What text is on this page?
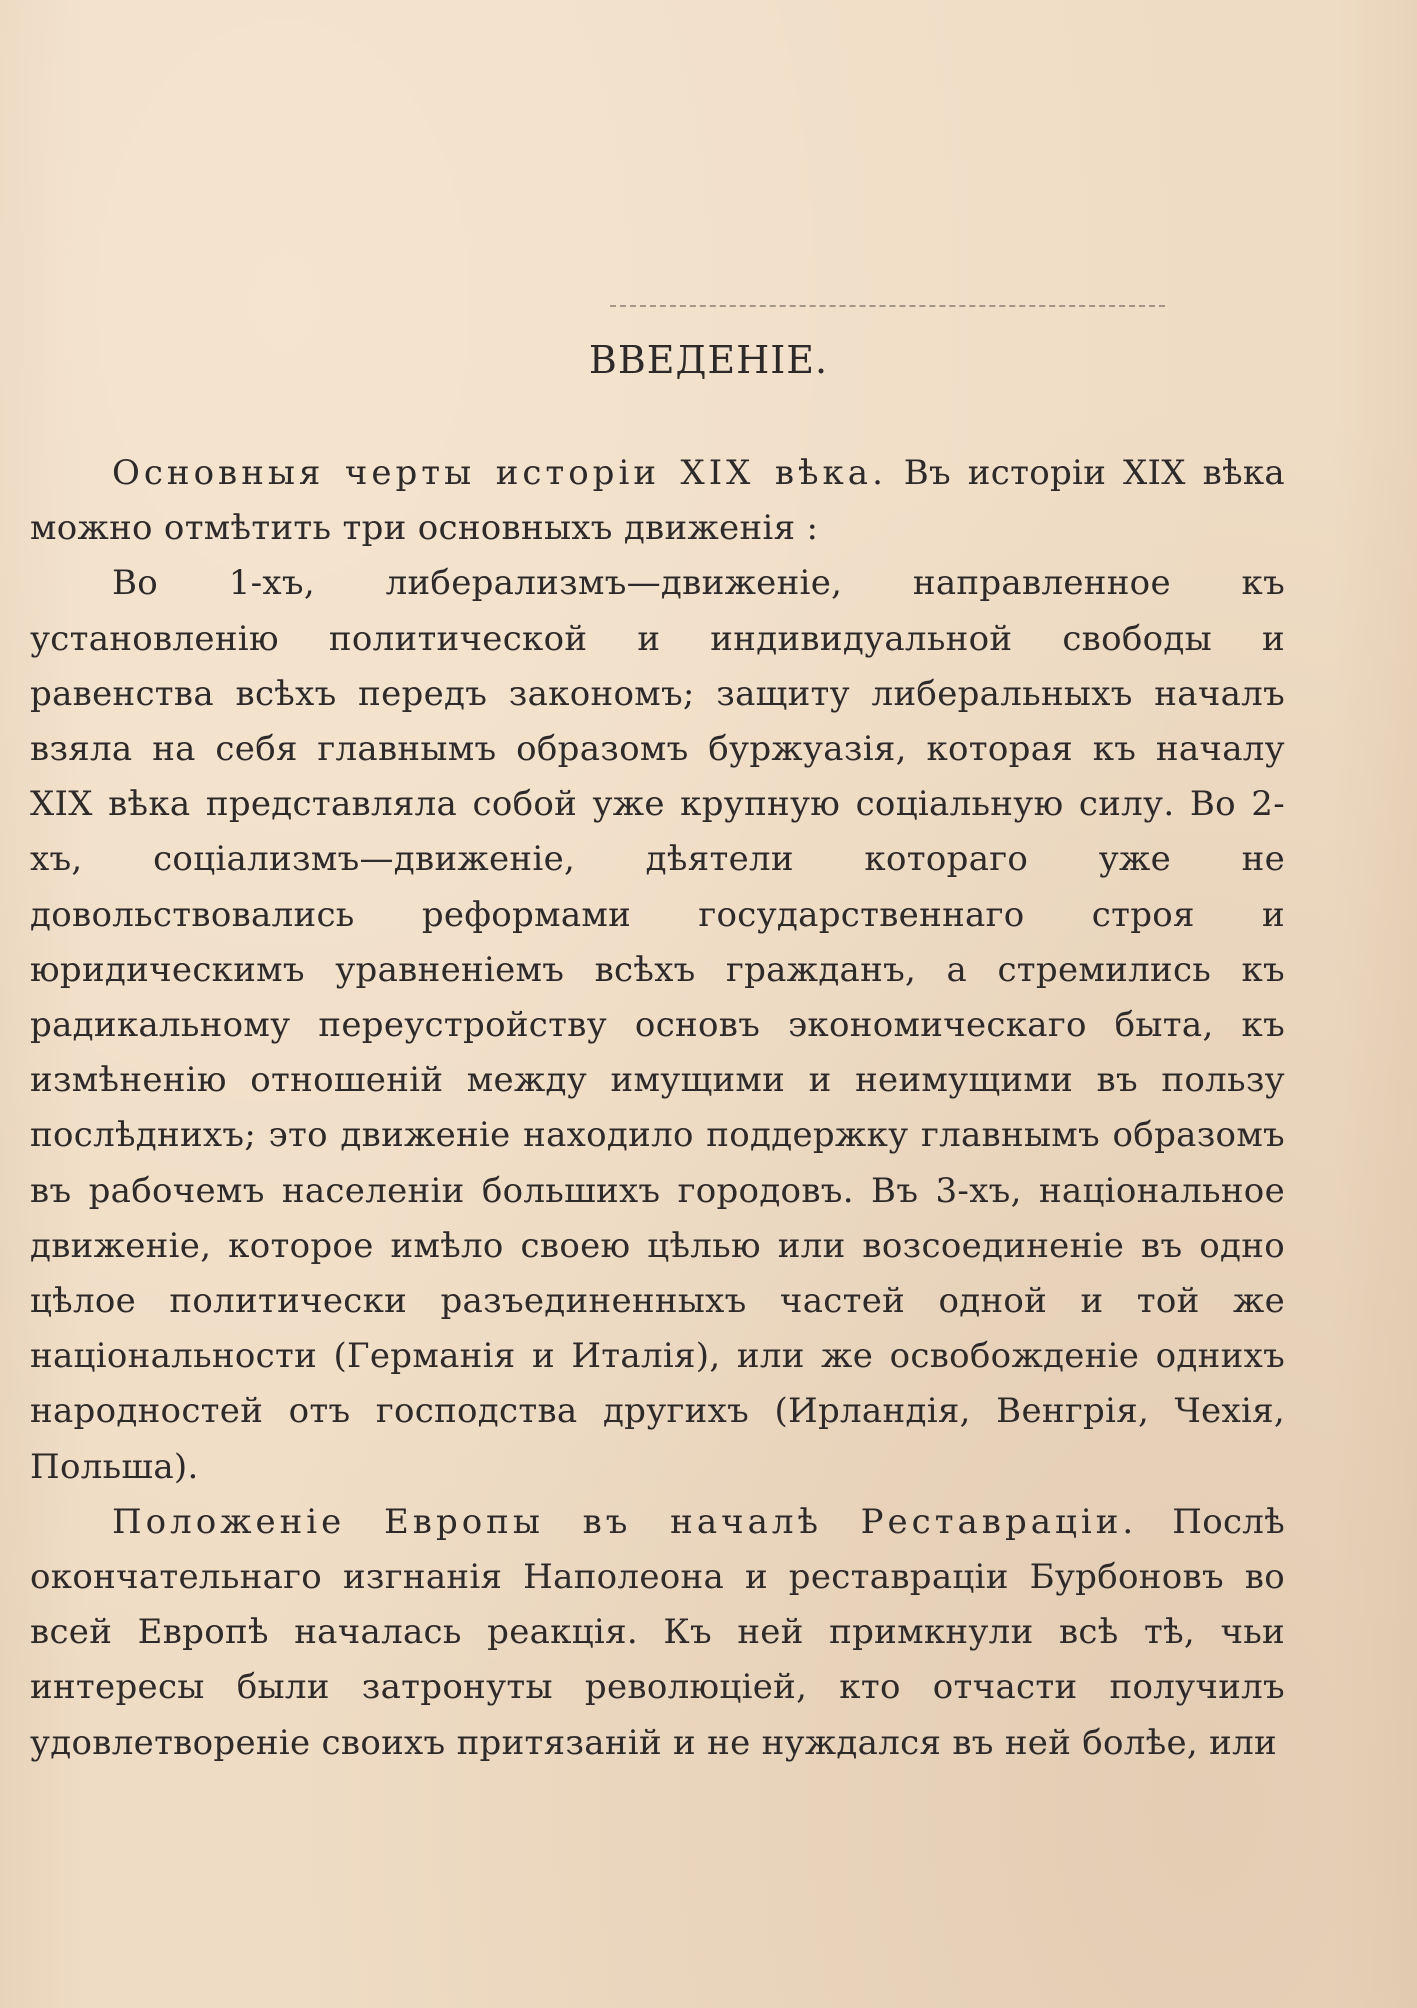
ВВЕДЕНІЕ.

Основныя черты исторіи XIX вѣка. Въ исторіи XIX вѣка можно отмѣтить три основныхъ движенія :

Во 1-хъ, либерализмъ—движеніе, направленное къ установленію политической и индивидуальной свободы и равенства всѣхъ передъ закономъ; защиту либеральныхъ началъ взяла на себя главнымъ образомъ буржуазія, которая къ началу XIX вѣка представляла собой уже крупную соціальную силу. Во 2-хъ, соціализмъ—движеніе, дѣятели котораго уже не довольствовались реформами государственнаго строя и юридическимъ уравненіемъ всѣхъ гражданъ, а стремились къ радикальному переустройству основъ экономическаго быта, къ измѣненію отношеній между имущими и неимущими въ пользу послѣднихъ; это движеніе находило поддержку главнымъ образомъ въ рабочемъ населеніи большихъ городовъ. Въ 3-хъ, національное движеніе, которое имѣло своею цѣлью или возсоединеніе въ одно цѣлое политически разъединенныхъ частей одной и той же національности (Германія и Италія), или же освобожденіе однихъ народностей отъ господства другихъ (Ирландія, Венгрія, Чехія, Польша).

Положеніе Европы въ началѣ Реставраціи. Послѣ окончательнаго изгнанія Наполеона и реставраціи Бурбоновъ во всей Европѣ началась реакція. Къ ней примкнули всѣ тѣ, чьи интересы были затронуты революціей, кто отчасти получилъ удовлетвореніе своихъ притязаній и не нуждался въ ней болѣе, или
